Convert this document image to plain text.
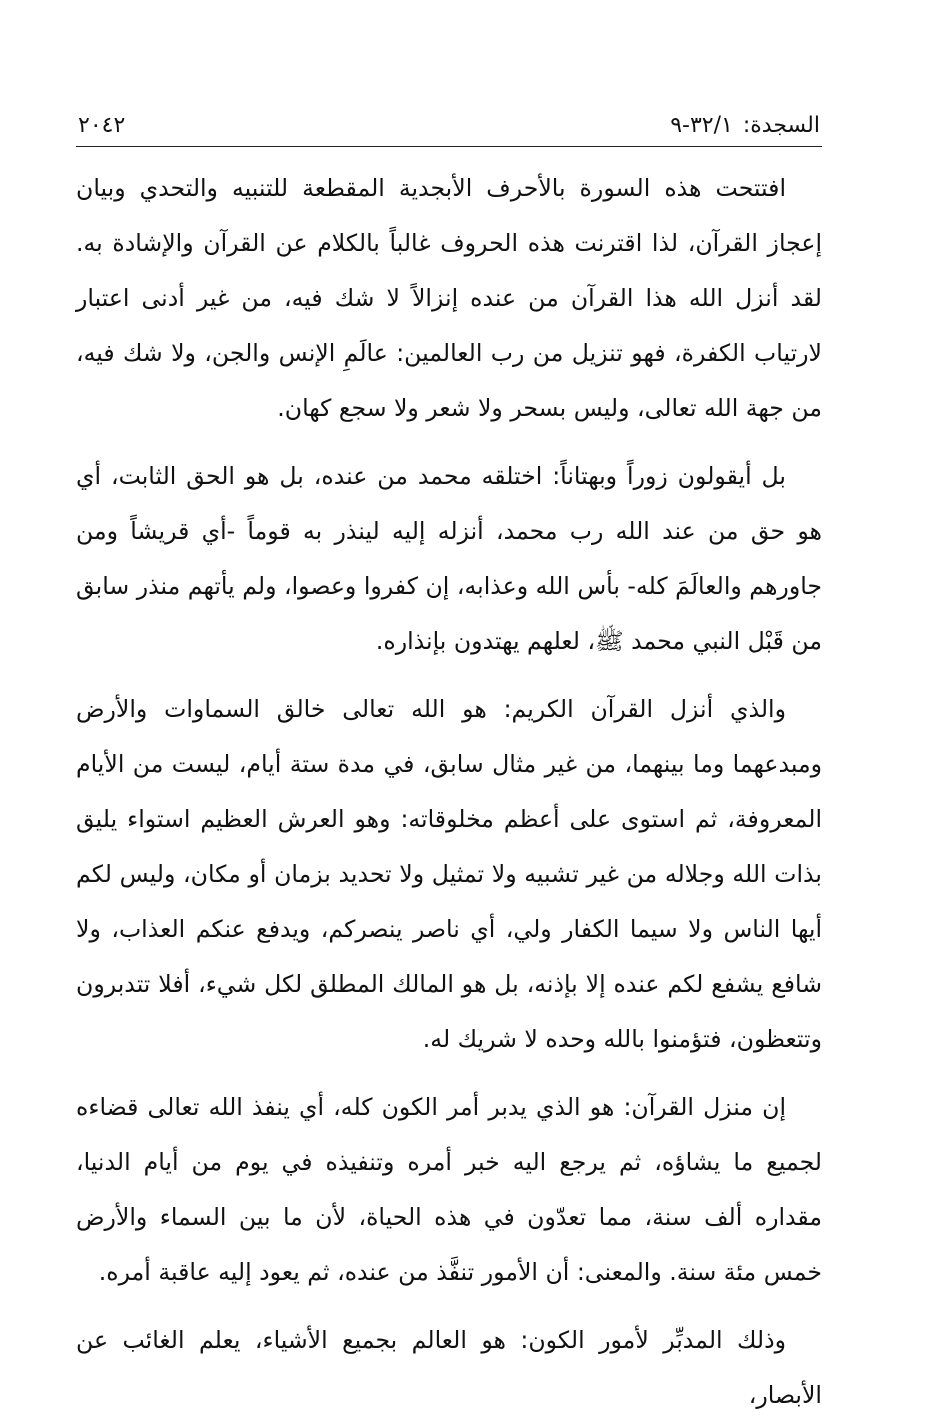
السجدة:
٣٢/١-٩
٢٠٤٢

افتتحت هذه السورة بالأحرف الأبجدية المقطعة للتنبيه والتحدي وبيان إعجاز القرآن، لذا اقترنت هذه الحروف غالباً بالكلام عن القرآن والإشادة به. لقد أنزل الله هذا القرآن من عنده إنزالاً لا شك فيه، من غير أدنى اعتبار لارتياب الكفرة، فهو تنزيل من رب العالمين: عالَمِ الإنس والجن، ولا شك فيه، من جهة الله تعالى، وليس بسحر ولا شعر ولا سجع كهان.

بل أيقولون زوراً وبهتاناً: اختلقه محمد من عنده، بل هو الحق الثابت، أي هو حق من عند الله رب محمد، أنزله إليه لينذر به قوماً -أي قريشاً ومن جاورهم والعالَمَ كله- بأس الله وعذابه، إن كفروا وعصوا، ولم يأتهم منذر سابق من قَبْل النبي محمد ﷺ، لعلهم يهتدون بإنذاره.

والذي أنزل القرآن الكريم: هو الله تعالى خالق السماوات والأرض ومبدعهما وما بينهما، من غير مثال سابق، في مدة ستة أيام، ليست من الأيام المعروفة، ثم استوى على أعظم مخلوقاته: وهو العرش العظيم استواء يليق بذات الله وجلاله من غير تشبيه ولا تمثيل ولا تحديد بزمان أو مكان، وليس لكم أيها الناس ولا سيما الكفار ولي، أي ناصر ينصركم، ويدفع عنكم العذاب، ولا شافع يشفع لكم عنده إلا بإذنه، بل هو المالك المطلق لكل شيء، أفلا تتدبرون وتتعظون، فتؤمنوا بالله وحده لا شريك له.

إن منزل القرآن: هو الذي يدبر أمر الكون كله، أي ينفذ الله تعالى قضاءه لجميع ما يشاؤه، ثم يرجع اليه خبر أمره وتنفيذه في يوم من أيام الدنيا، مقداره ألف سنة، مما تعدّون في هذه الحياة، لأن ما بين السماء والأرض خمس مئة سنة. والمعنى: أن الأمور تنفَّذ من عنده، ثم يعود إليه عاقبة أمره.

وذلك المدبِّر لأمور الكون: هو العالم بجميع الأشياء، يعلم الغائب عن الأبصار،
